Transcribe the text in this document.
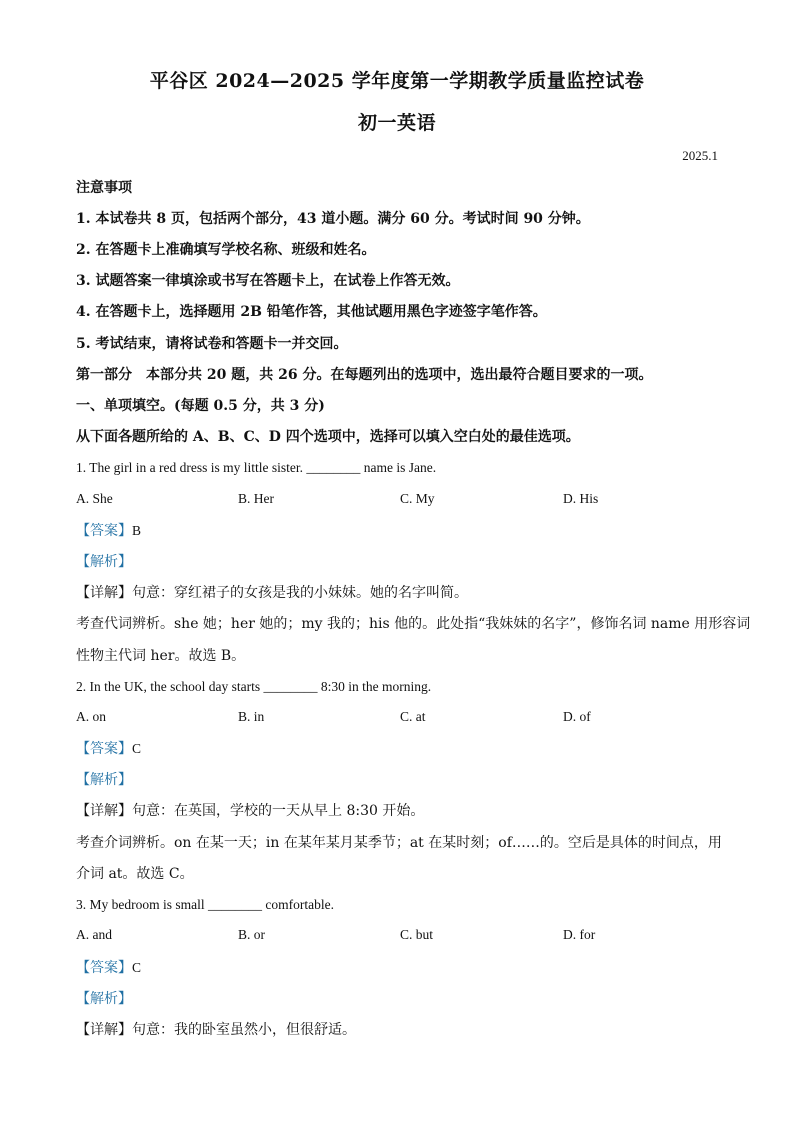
平谷区 2024—2025 学年度第一学期教学质量监控试卷
初一英语
2025.1
注意事项
1. 本试卷共 8 页，包括两个部分，43 道小题。满分 60 分。考试时间 90 分钟。
2. 在答题卡上准确填写学校名称、班级和姓名。
3. 试题答案一律填涂或书写在答题卡上，在试卷上作答无效。
4. 在答题卡上，选择题用 2B 铅笔作答，其他试题用黑色字迹签字笔作答。
5. 考试结束，请将试卷和答题卡一并交回。
第一部分　本部分共 20 题，共 26 分。在每题列出的选项中，选出最符合题目要求的一项。
一、单项填空。(每题 0.5 分，共 3 分)
从下面各题所给的 A、B、C、D 四个选项中，选择可以填入空白处的最佳选项。
1. The girl in a red dress is my little sister. ________ name is Jane.
A. She	B. Her	C. My	D. His
【答案】B
【解析】
【详解】句意：穿红裙子的女孩是我的小妹妹。她的名字叫简。
考查代词辨析。she 她；her 她的；my 我的；his 他的。此处指“我妹妹的名字”，修饰名词 name 用形容词
性物主代词 her。故选 B。
2. In the UK, the school day starts ________ 8:30 in the morning.
A. on	B. in	C. at	D. of
【答案】C
【解析】
【详解】句意：在英国，学校的一天从早上 8:30 开始。
考查介词辨析。on 在某一天；in 在某年某月某季节；at 在某时刻；of……的。空后是具体的时间点，用
介词 at。故选 C。
3. My bedroom is small ________ comfortable.
A. and	B. or	C. but	D. for
【答案】C
【解析】
【详解】句意：我的卧室虽然小，但很舒适。
